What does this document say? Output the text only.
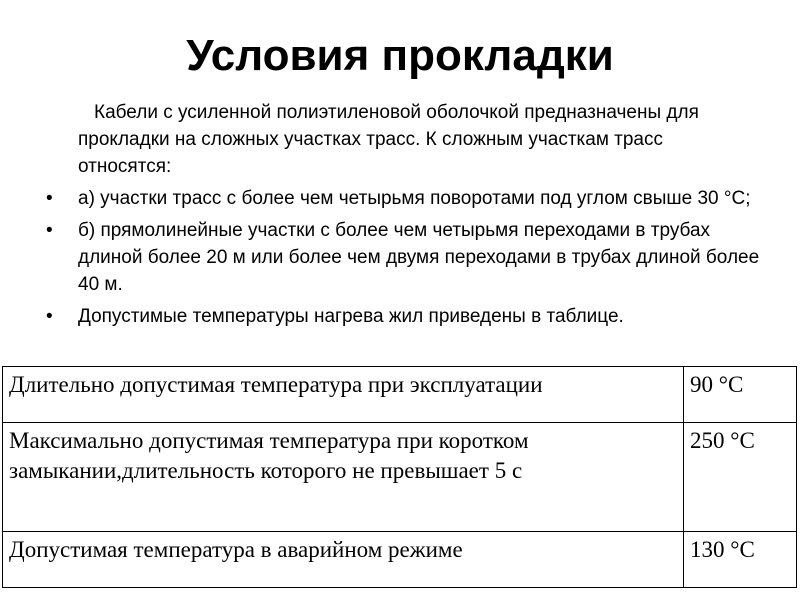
Условия прокладки

Кабели с усиленной полиэтиленовой оболочкой предназначены для прокладки на сложных участках трасс. К сложным участкам трасс относятся:

• а) участки трасс с более чем четырьмя поворотами под углом свыше 30 °С;
• б) прямолинейные участки с более чем четырьмя переходами в трубах длиной более 20 м или более чем двумя переходами в трубах длиной более 40 м.
• Допустимые температуры нагрева жил приведены в таблице.
Длительно допустимая температура при эксплуатации	90 °С
Максимально допустимая температура при коротком замыкании,длительность которого не превышает 5 с	250 °С
Допустимая температура в аварийном режиме	130 °С
